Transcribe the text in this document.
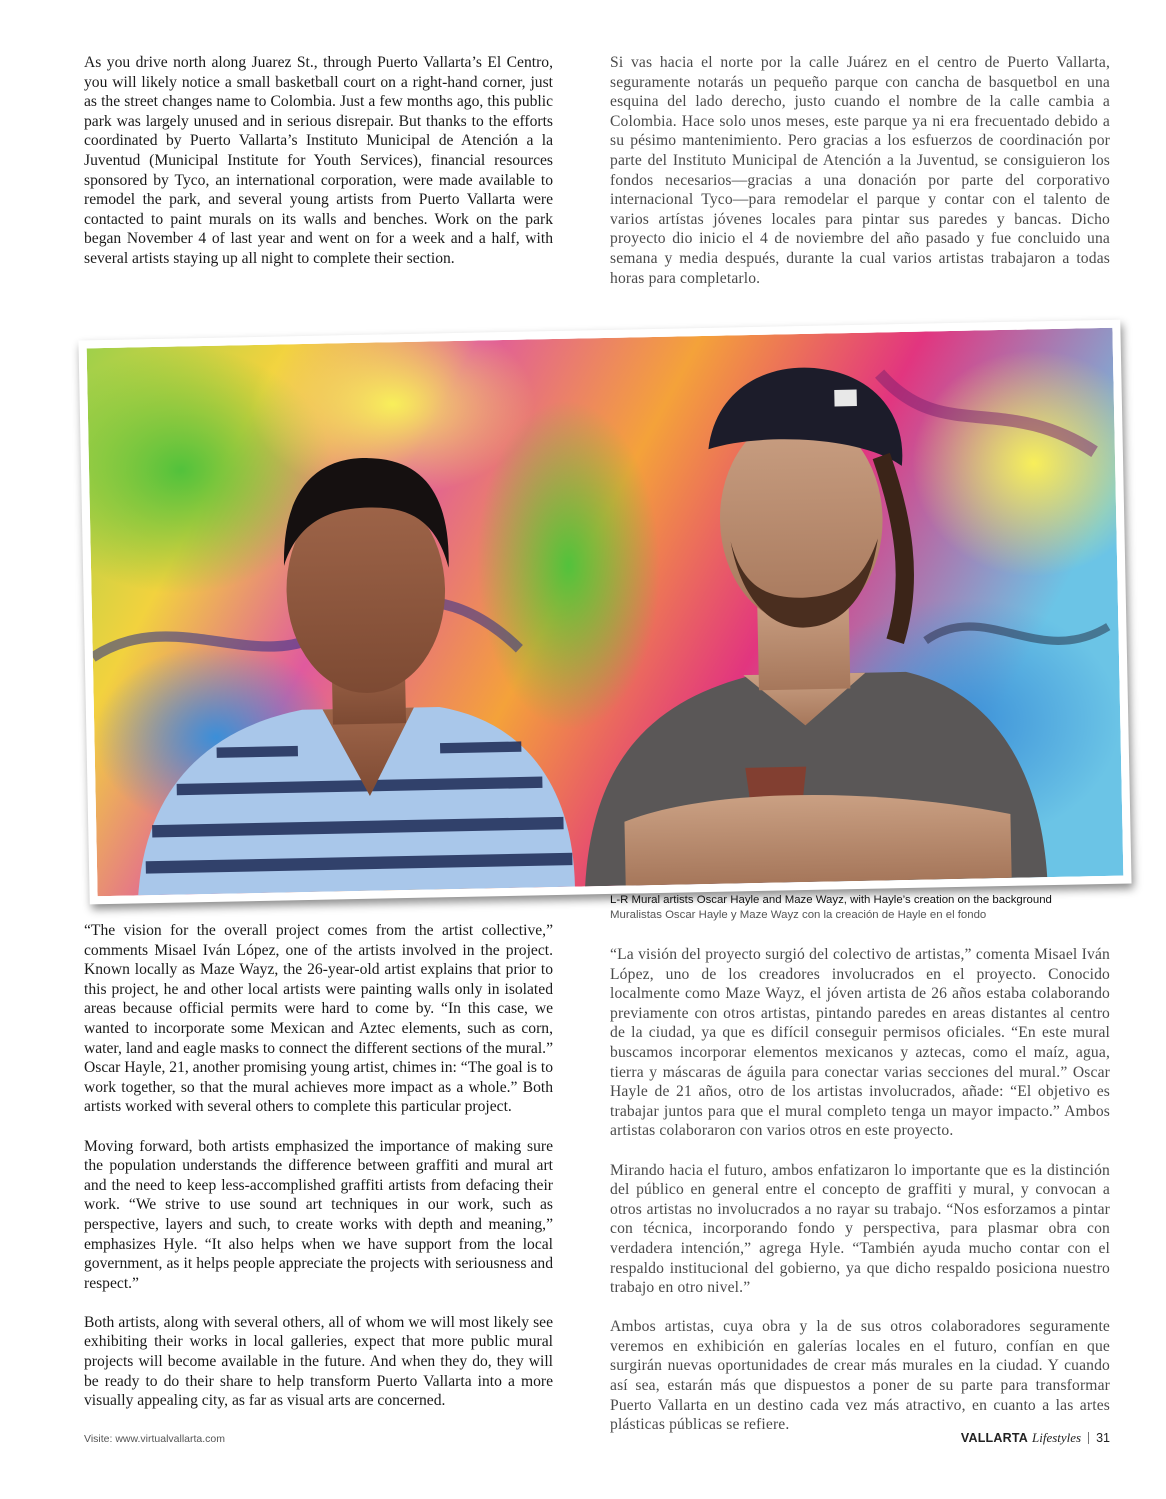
As you drive north along Juarez St., through Puerto Vallarta’s El Centro, you will likely notice a small basketball court on a right-hand corner, just as the street changes name to Colombia. Just a few months ago, this public park was largely unused and in serious disrepair. But thanks to the efforts coordinated by Puerto Vallarta’s Instituto Municipal de Atención a la Juventud (Municipal Institute for Youth Services), financial resources sponsored by Tyco, an international corporation, were made available to remodel the park, and several young artists from Puerto Vallarta were contacted to paint murals on its walls and benches. Work on the park began November 4 of last year and went on for a week and a half, with several artists staying up all night to complete their section.

Si vas hacia el norte por la calle Juárez en el centro de Puerto Vallarta, seguramente notarás un pequeño parque con cancha de basquetbol en una esquina del lado derecho, justo cuando el nombre de la calle cambia a Colombia. Hace solo unos meses, este parque ya ni era frecuentado debido a su pésimo mantenimiento. Pero gracias a los esfuerzos de coordinación por parte del Instituto Municipal de Atención a la Juventud, se consiguieron los fondos necesarios—gracias a una donación por parte del corporativo internacional Tyco—para remodelar el parque y contar con el talento de varios artístas jóvenes locales para pintar sus paredes y bancas. Dicho proyecto dio inicio el 4 de noviembre del año pasado y fue concluido una semana y media después, durante la cual varios artistas trabajaron a todas horas para completarlo.

L-R Mural artists Oscar Hayle and Maze Wayz, with Hayle’s creation on the background
Muralistas Oscar Hayle y Maze Wayz con la creación de Hayle en el fondo

“The vision for the overall project comes from the artist collective,” comments Misael Iván López, one of the artists involved in the project. Known locally as Maze Wayz, the 26-year-old artist explains that prior to this project, he and other local artists were painting walls only in isolated areas because official permits were hard to come by. “In this case, we wanted to incorporate some Mexican and Aztec elements, such as corn, water, land and eagle masks to connect the different sections of the mural.” Oscar Hayle, 21, another promising young artist, chimes in: “The goal is to work together, so that the mural achieves more impact as a whole.” Both artists worked with several others to complete this particular project.

Moving forward, both artists emphasized the importance of making sure the population understands the difference between graffiti and mural art and the need to keep less-accomplished graffiti artists from defacing their work. “We strive to use sound art techniques in our work, such as perspective, layers and such, to create works with depth and meaning,” emphasizes Hyle. “It also helps when we have support from the local government, as it helps people appreciate the projects with seriousness and respect.”

Both artists, along with several others, all of whom we will most likely see exhibiting their works in local galleries, expect that more public mural projects will become available in the future. And when they do, they will be ready to do their share to help transform Puerto Vallarta into a more visually appealing city, as far as visual arts are concerned.

“La visión del proyecto surgió del colectivo de artistas,” comenta Misael Iván López, uno de los creadores involucrados en el proyecto. Conocido localmente como Maze Wayz, el jóven artista de 26 años estaba colaborando previamente con otros artistas, pintando paredes en areas distantes al centro de la ciudad, ya que es difícil conseguir permisos oficiales. “En este mural buscamos incorporar elementos mexicanos y aztecas, como el maíz, agua, tierra y máscaras de águila para conectar varias secciones del mural.” Oscar Hayle de 21 años, otro de los artistas involucrados, añade: “El objetivo es trabajar juntos para que el mural completo tenga un mayor impacto.” Ambos artistas colaboraron con varios otros en este proyecto.

Mirando hacia el futuro, ambos enfatizaron lo importante que es la distinción del público en general entre el concepto de graffiti y mural, y convocan a otros artistas no involucrados a no rayar su trabajo. “Nos esforzamos a pintar con técnica, incorporando fondo y perspectiva, para plasmar obra con verdadera intención,” agrega Hyle. “También ayuda mucho contar con el respaldo institucional del gobierno, ya que dicho respaldo posiciona nuestro trabajo en otro nivel.”

Ambos artistas, cuya obra y la de sus otros colaboradores seguramente veremos en exhibición en galerías locales en el futuro, confían en que surgirán nuevas oportunidades de crear más murales en la ciudad. Y cuando así sea, estarán más que dispuestos a poner de su parte para transformar Puerto Vallarta en un destino cada vez más atractivo, en cuanto a las artes plásticas públicas se refiere.

Visite: www.virtualvallarta.com	VALLARTA Lifestyles 31
